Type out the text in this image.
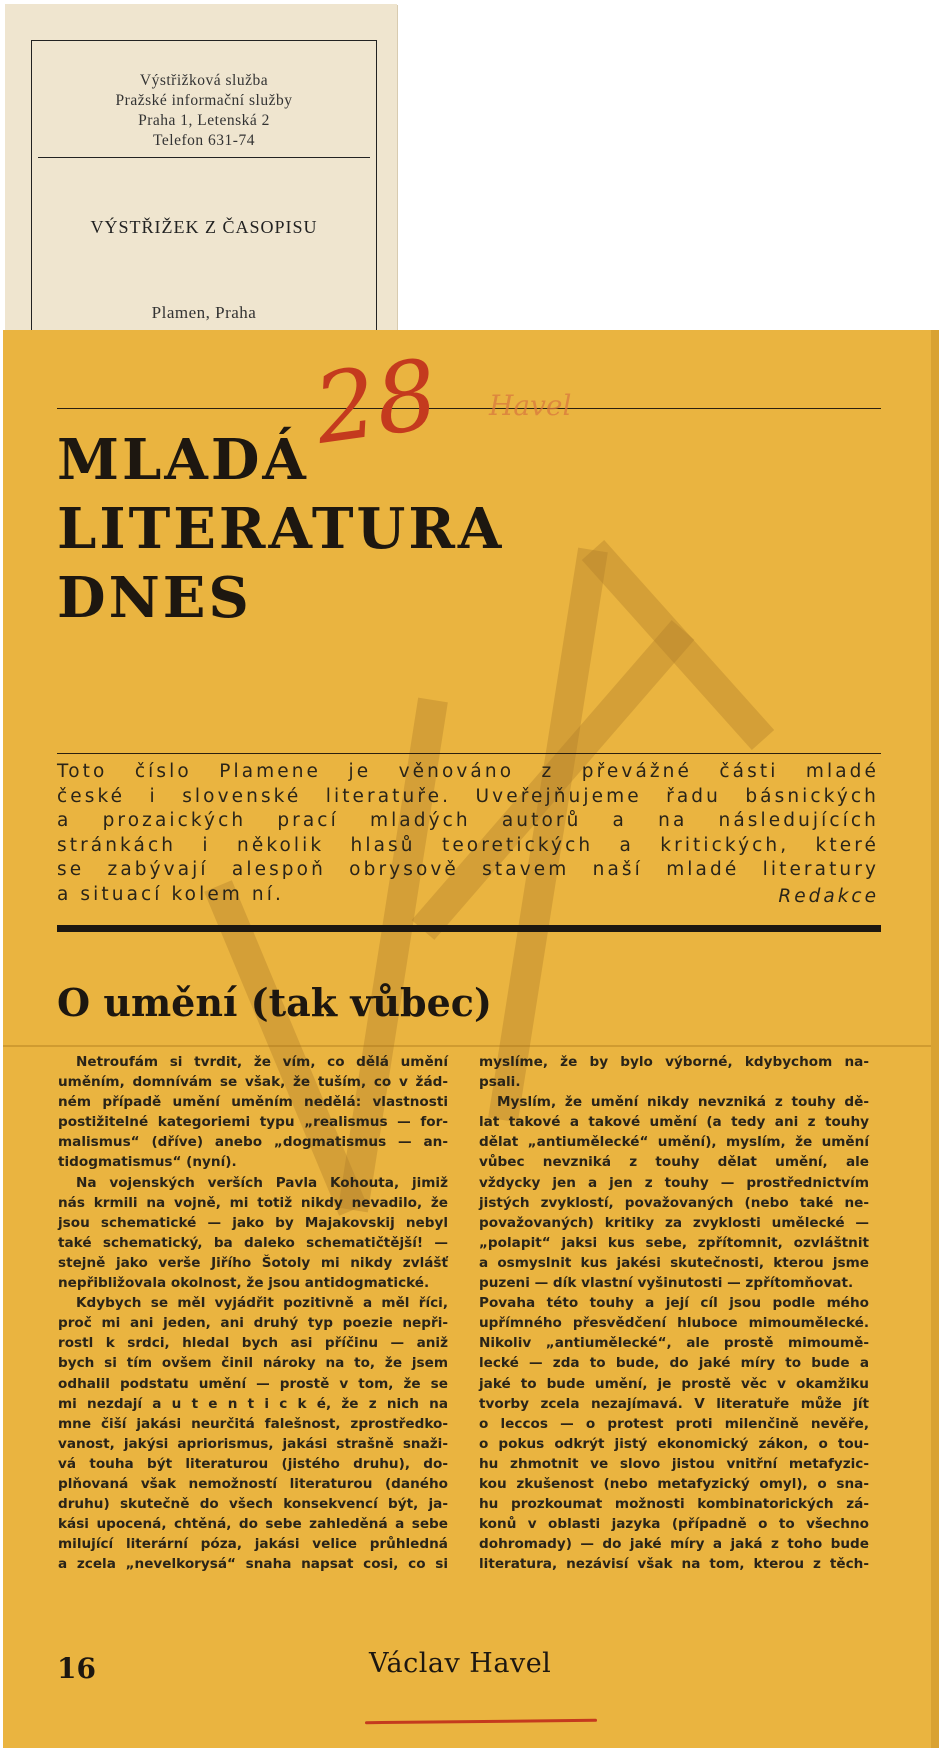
Výstřižková služba
Pražské informační služby
Praha 1, Letenská 2
Telefon 631-74
VÝSTŘIŽEK Z ČASOPISU
Plamen, Praha
28 Havel
MLADÁ
LITERATURA
DNES
Toto číslo Plamene je věnováno z převážné části mladé
české i slovenské literatuře. Uveřejňujeme řadu básnických
a prozaických prací mladých autorů a na následujících
stránkách i několik hlasů teoretických a kritických, které
se zabývají alespoň obrysově stavem naší mladé literatury
a situací kolem ní.	Redakce
O umění (tak vůbec)
Netroufám si tvrdit, že vím, co dělá umění
uměním, domnívám se však, že tuším, co v žád-
ném případě umění uměním nedělá: vlastnosti
postižitelné kategoriemi typu „realismus — for-
malismus“ (dříve) anebo „dogmatismus — an-
tidogmatismus“ (nyní).
Na vojenských verších Pavla Kohouta, jimiž
nás krmili na vojně, mi totiž nikdy nevadilo, že
jsou schematické — jako by Majakovskij nebyl
také schematický, ba daleko schematičtější! —
stejně jako verše Jiřího Šotoly mi nikdy zvlášť
nepřibližovala okolnost, že jsou antidogmatické.
Kdybych se měl vyjádřit pozitivně a měl říci,
proč mi ani jeden, ani druhý typ poezie nepři-
rostl k srdci, hledal bych asi příčinu — aniž
bych si tím ovšem činil nároky na to, že jsem
odhalil podstatu umění — prostě v tom, že se
mi nezdají a u t e n t i c k é, že z nich na
mne čiší jakási neurčitá falešnost, zprostředko-
vanost, jakýsi apriorismus, jakási strašně snaži-
vá touha být literaturou (jistého druhu), do-
plňovaná však nemožností literaturou (daného
druhu) skutečně do všech konsekvencí být, ja-
kási upocená, chtěná, do sebe zahleděná a sebe
milující literární póza, jakási velice průhledná
a zcela „nevelkorysá“ snaha napsat cosi, co si
myslíme, že by bylo výborné, kdybychom na-
psali.
Myslím, že umění nikdy nevzniká z touhy dě-
lat takové a takové umění (a tedy ani z touhy
dělat „antiumělecké“ umění), myslím, že umění
vůbec nevzniká z touhy dělat umění, ale
vždycky jen a jen z touhy — prostřednictvím
jistých zvyklostí, považovaných (nebo také ne-
považovaných) kritiky za zvyklosti umělecké —
„polapit“ jaksi kus sebe, zpřítomnit, ozvláštnit
a osmyslnit kus jakési skutečnosti, kterou jsme
puzeni — dík vlastní vyšinutosti — zpřítomňovat.
Povaha této touhy a její cíl jsou podle mého
upřímného přesvědčení hluboce mimoumělecké.
Nikoliv „antiumělecké“, ale prostě mimoumě-
lecké — zda to bude, do jaké míry to bude a
jaké to bude umění, je prostě věc v okamžiku
tvorby zcela nezajímavá. V literatuře může jít
o leccos — o protest proti milenčině nevěře,
o pokus odkrýt jistý ekonomický zákon, o tou-
hu zhmotnit ve slovo jistou vnitřní metafyzic-
kou zkušenost (nebo metafyzický omyl), o sna-
hu prozkoumat možnosti kombinatorických zá-
konů v oblasti jazyka (případně o to všechno
dohromady) — do jaké míry a jaká z toho bude
literatura, nezávisí však na tom, kterou z těch-
16	Václav Havel
